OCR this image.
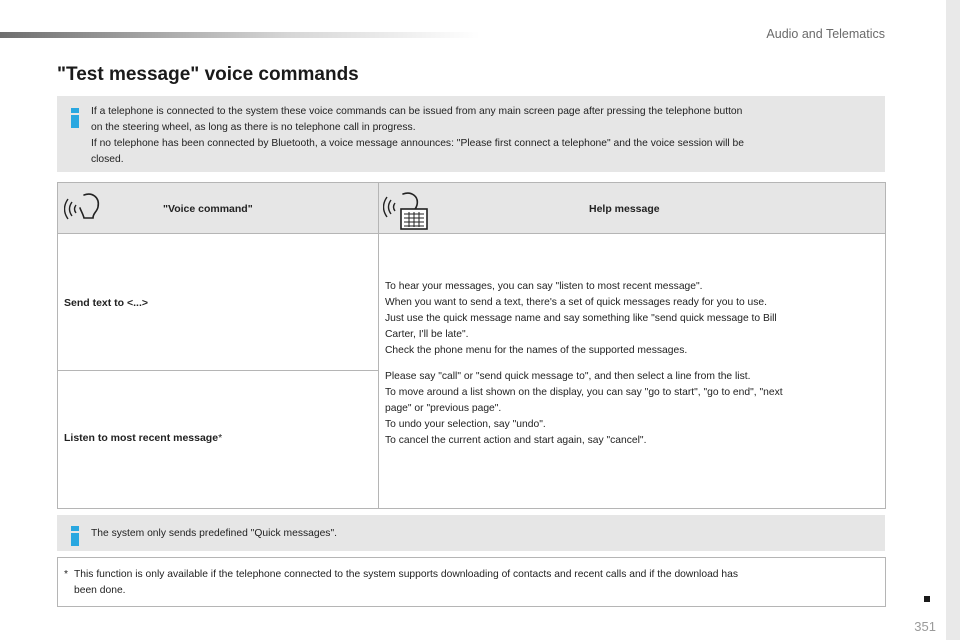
Audio and Telematics
"Test message" voice commands

If a telephone is connected to the system these voice commands can be issued from any main screen page after pressing the telephone button

on the steering wheel, as long as there is no telephone call in progress.

If no telephone has been connected by Bluetooth, a voice message announces: "Please first connect a telephone" and the voice session will be

closed.

"Voice command"	Help message
Send text to <...>
Listen to most recent message*

To hear your messages, you can say "listen to most recent message".

When you want to send a text, there's a set of quick messages ready for you to use.

Just use the quick message name and say something like "send quick message to Bill

Carter, I'll be late".

Check the phone menu for the names of the supported messages.

Please say "call" or "send quick message to", and then select a line from the list.

To move around a list shown on the display, you can say "go to start", "go to end", "next

page" or "previous page".

To undo your selection, say "undo".

To cancel the current action and start again, say "cancel".

The system only sends predefined "Quick messages".
* This function is only available if the telephone connected to the system supports downloading of contacts and recent calls and if the download has
been done.
351
